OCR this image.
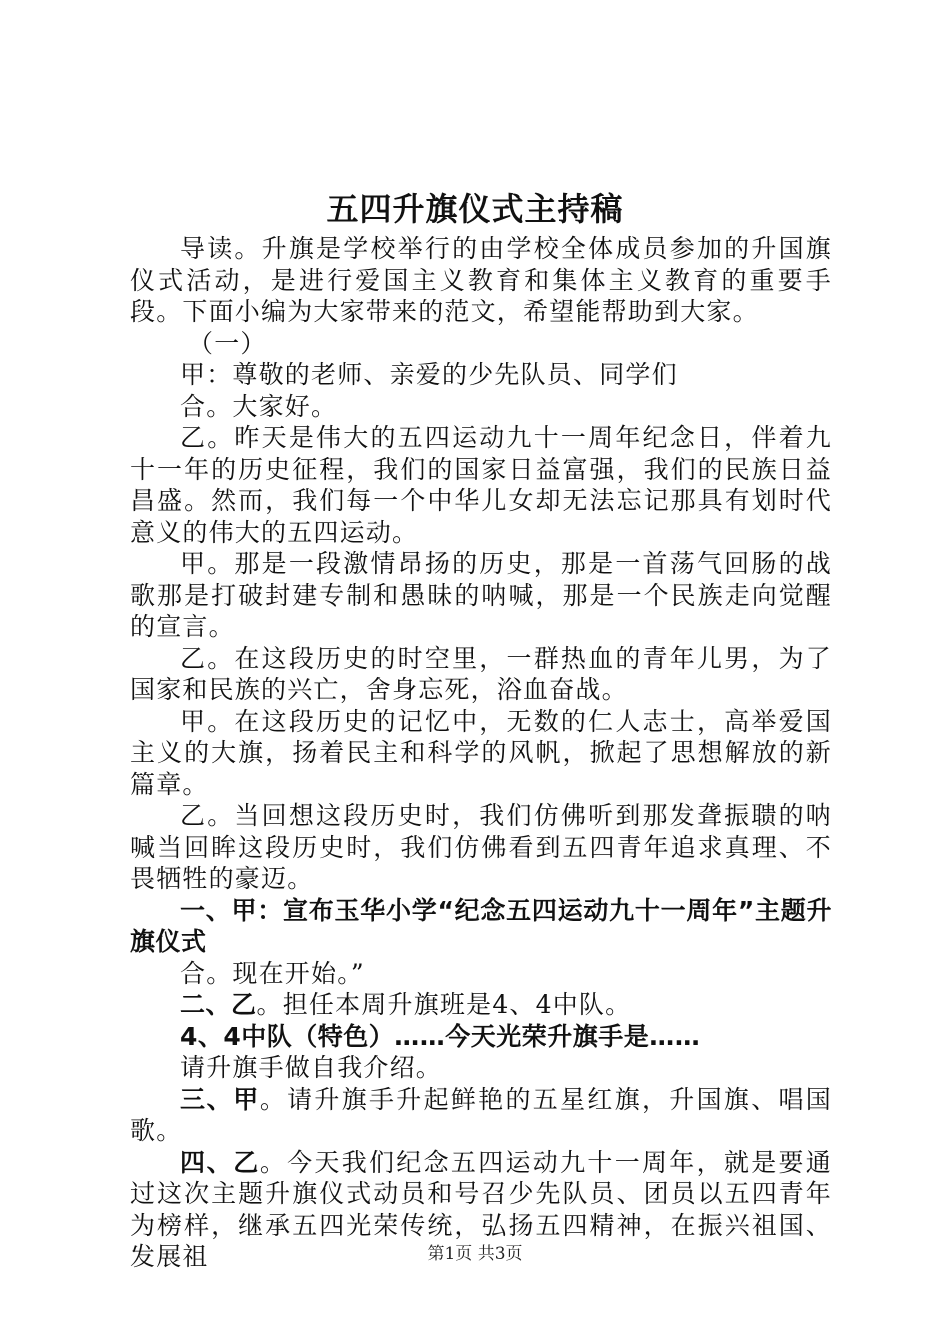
五四升旗仪式主持稿

导读。升旗是学校举行的由学校全体成员参加的升国旗仪式活动，是进行爱国主义教育和集体主义教育的重要手段。下面小编为大家带来的范文，希望能帮助到大家。

（一）

甲：尊敬的老师、亲爱的少先队员、同学们

合。大家好。

乙。昨天是伟大的五四运动九十一周年纪念日，伴着九十一年的历史征程，我们的国家日益富强，我们的民族日益昌盛。然而，我们每一个中华儿女却无法忘记那具有划时代意义的伟大的五四运动。

甲。那是一段激情昂扬的历史，那是一首荡气回肠的战歌那是打破封建专制和愚昧的呐喊，那是一个民族走向觉醒的宣言。

乙。在这段历史的时空里，一群热血的青年儿男，为了国家和民族的兴亡，舍身忘死，浴血奋战。

甲。在这段历史的记忆中，无数的仁人志士，高举爱国主义的大旗，扬着民主和科学的风帆，掀起了思想解放的新篇章。

乙。当回想这段历史时，我们仿佛听到那发聋振聩的呐喊当回眸这段历史时，我们仿佛看到五四青年追求真理、不畏牺牲的豪迈。

一、甲：宣布玉华小学“纪念五四运动九十一周年”主题升旗仪式

合。现在开始。”

二、乙。担任本周升旗班是4、4中队。

4、4中队（特色）……今天光荣升旗手是……

请升旗手做自我介绍。

三、甲。请升旗手升起鲜艳的五星红旗，升国旗、唱国歌。

四、乙。今天我们纪念五四运动九十一周年，就是要通过这次主题升旗仪式动员和号召少先队员、团员以五四青年为榜样，继承五四光荣传统，弘扬五四精神，在振兴祖国、发展祖	第1页 共3页
